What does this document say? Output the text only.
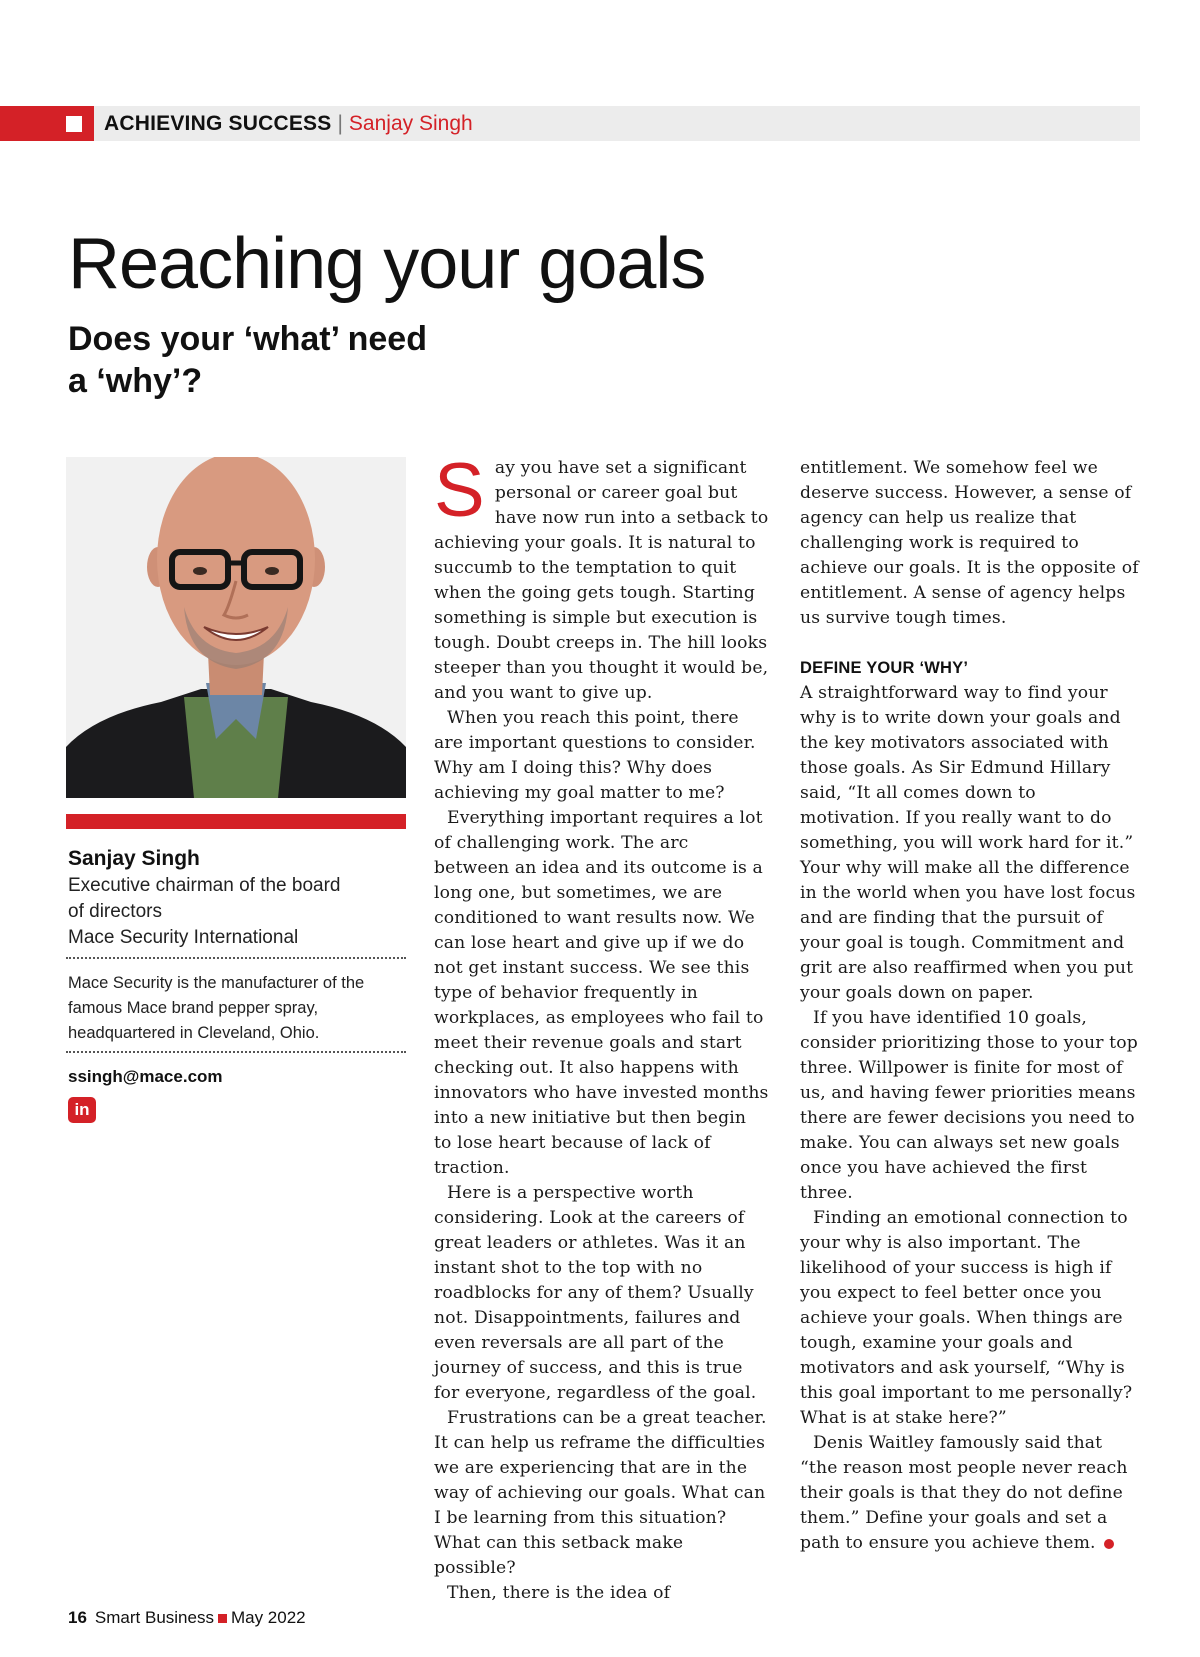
ACHIEVING SUCCESS | Sanjay Singh
Reaching your goals
Does your ‘what’ need a ‘why’?
Sanjay Singh
Executive chairman of the board
of directors
Mace Security International
Mace Security is the manufacturer of the famous Mace brand pepper spray, headquartered in Cleveland, Ohio.
ssingh@mace.com
in

Say you have set a significant personal or career goal but have now run into a setback to achieving your goals. It is natural to succumb to the temptation to quit when the going gets tough. Starting something is simple but execution is tough. Doubt creeps in. The hill looks steeper than you thought it would be, and you want to give up.

When you reach this point, there are important questions to consider. Why am I doing this? Why does achieving my goal matter to me?

Everything important requires a lot of challenging work. The arc between an idea and its outcome is a long one, but sometimes, we are conditioned to want results now. We can lose heart and give up if we do not get instant success. We see this type of behavior frequently in workplaces, as employees who fail to meet their revenue goals and start checking out. It also happens with innovators who have invested months into a new initiative but then begin to lose heart because of lack of traction.

Here is a perspective worth considering. Look at the careers of great leaders or athletes. Was it an instant shot to the top with no roadblocks for any of them? Usually not. Disappointments, failures and even reversals are all part of the journey of success, and this is true for everyone, regardless of the goal.

Frustrations can be a great teacher. It can help us reframe the difficulties we are experiencing that are in the way of achieving our goals. What can I be learning from this situation? What can this setback make possible?

Then, there is the idea of

entitlement. We somehow feel we deserve success. However, a sense of agency can help us realize that challenging work is required to achieve our goals. It is the opposite of entitlement. A sense of agency helps us survive tough times.

DEFINE YOUR ‘WHY’

A straightforward way to find your why is to write down your goals and the key motivators associated with those goals. As Sir Edmund Hillary said, “It all comes down to motivation. If you really want to do something, you will work hard for it.” Your why will make all the difference in the world when you have lost focus and are finding that the pursuit of your goal is tough. Commitment and grit are also reaffirmed when you put your goals down on paper.

If you have identified 10 goals, consider prioritizing those to your top three. Willpower is finite for most of us, and having fewer priorities means there are fewer decisions you need to make. You can always set new goals once you have achieved the first three.

Finding an emotional connection to your why is also important. The likelihood of your success is high if you expect to feel better once you achieve your goals. When things are tough, examine your goals and motivators and ask yourself, “Why is this goal important to me personally? What is at stake here?”

Denis Waitley famously said that “the reason most people never reach their goals is that they do not define them.” Define your goals and set a path to ensure you achieve them.

16 Smart Business May 2022
